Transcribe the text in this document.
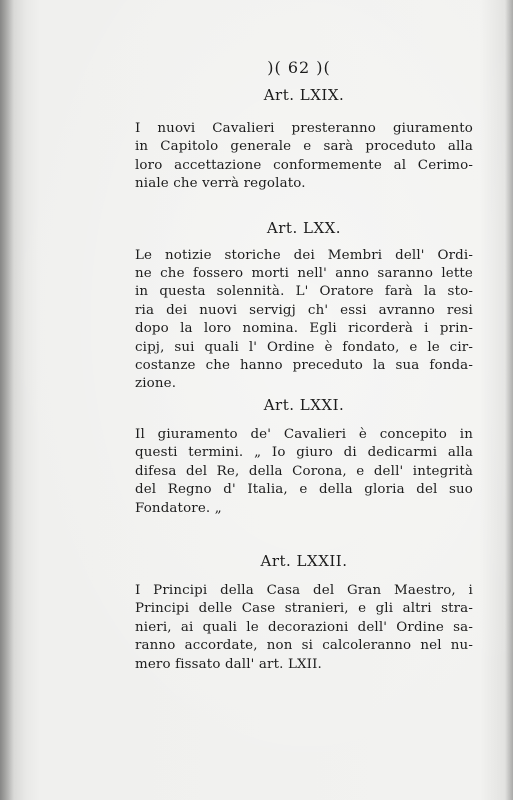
)( 62 )(
Art. LXIX.
I nuovi Cavalieri presteranno giuramento
in Capitolo generale e sarà proceduto alla
loro accettazione conformemente al Cerimo-
niale che verrà regolato.
Art. LXX.
Le notizie storiche dei Membri dell' Ordi-
ne che fossero morti nell' anno saranno lette
in questa solennità. L' Oratore farà la sto-
ria dei nuovi servigj ch' essi avranno resi
dopo la loro nomina. Egli ricorderà i prin-
cipj, sui quali l' Ordine è fondato, e le cir-
costanze che hanno preceduto la sua fonda-
zione.
Art. LXXI.
Il giuramento de' Cavalieri è concepito in
questi termini. „ Io giuro di dedicarmi alla
difesa del Re, della Corona, e dell' integrità
del Regno d' Italia, e della gloria del suo
Fondatore. „
Art. LXXII.
I Principi della Casa del Gran Maestro, i
Principi delle Case stranieri, e gli altri stra-
nieri, ai quali le decorazioni dell' Ordine sa-
ranno accordate, non si calcoleranno nel nu-
mero fissato dall' art. LXII.
